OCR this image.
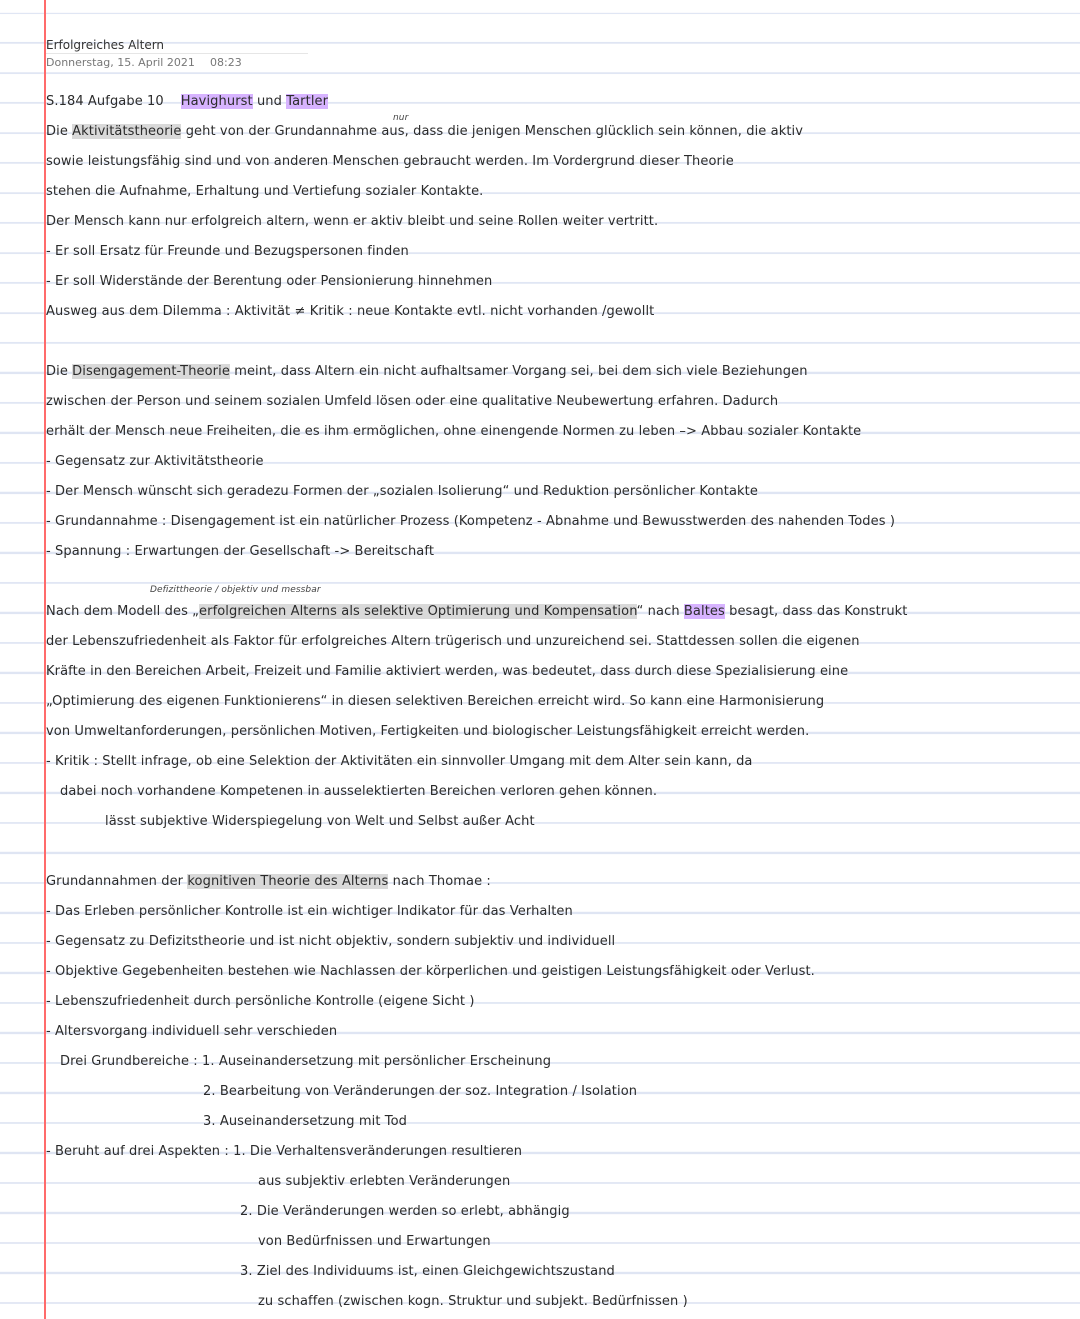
Erfolgreiches Altern
Donnerstag, 15. April 2021 08:23
S.184 Aufgabe 10 Havighurst und Tartler
nur
Die Aktivitätstheorie geht von der Grundannahme aus, dass die jenigen Menschen glücklich sein können, die aktiv
sowie leistungsfähig sind und von anderen Menschen gebraucht werden. Im Vordergrund dieser Theorie
stehen die Aufnahme, Erhaltung und Vertiefung sozialer Kontakte.
Der Mensch kann nur erfolgreich altern, wenn er aktiv bleibt und seine Rollen weiter vertritt.
- Er soll Ersatz für Freunde und Bezugspersonen finden
- Er soll Widerstände der Berentung oder Pensionierung hinnehmen
Ausweg aus dem Dilemma : Aktivität ≠ Kritik : neue Kontakte evtl. nicht vorhanden /gewollt
Die Disengagement-Theorie meint, dass Altern ein nicht aufhaltsamer Vorgang sei, bei dem sich viele Beziehungen
zwischen der Person und seinem sozialen Umfeld lösen oder eine qualitative Neubewertung erfahren. Dadurch
erhält der Mensch neue Freiheiten, die es ihm ermöglichen, ohne einengende Normen zu leben –> Abbau sozialer Kontakte
- Gegensatz zur Aktivitätstheorie
- Der Mensch wünscht sich geradezu Formen der „sozialen Isolierung“ und Reduktion persönlicher Kontakte
- Grundannahme : Disengagement ist ein natürlicher Prozess (Kompetenz - Abnahme und Bewusstwerden des nahenden Todes )
- Spannung : Erwartungen der Gesellschaft -> Bereitschaft
Defizittheorie / objektiv und messbar
Nach dem Modell des „erfolgreichen Alterns als selektive Optimierung und Kompensation“ nach Baltes besagt, dass das Konstrukt
der Lebenszufriedenheit als Faktor für erfolgreiches Altern trügerisch und unzureichend sei. Stattdessen sollen die eigenen
Kräfte in den Bereichen Arbeit, Freizeit und Familie aktiviert werden, was bedeutet, dass durch diese Spezialisierung eine
„Optimierung des eigenen Funktionierens“ in diesen selektiven Bereichen erreicht wird. So kann eine Harmonisierung
von Umweltanforderungen, persönlichen Motiven, Fertigkeiten und biologischer Leistungsfähigkeit erreicht werden.
- Kritik : Stellt infrage, ob eine Selektion der Aktivitäten ein sinnvoller Umgang mit dem Alter sein kann, da
dabei noch vorhandene Kompetenen in ausselektierten Bereichen verloren gehen können.
lässt subjektive Widerspiegelung von Welt und Selbst außer Acht
Grundannahmen der kognitiven Theorie des Alterns nach Thomae :
- Das Erleben persönlicher Kontrolle ist ein wichtiger Indikator für das Verhalten
- Gegensatz zu Defizitstheorie und ist nicht objektiv, sondern subjektiv und individuell
- Objektive Gegebenheiten bestehen wie Nachlassen der körperlichen und geistigen Leistungsfähigkeit oder Verlust.
- Lebenszufriedenheit durch persönliche Kontrolle (eigene Sicht )
- Altersvorgang individuell sehr verschieden
Drei Grundbereiche : 1. Auseinandersetzung mit persönlicher Erscheinung
2. Bearbeitung von Veränderungen der soz. Integration / Isolation
3. Auseinandersetzung mit Tod
- Beruht auf drei Aspekten : 1. Die Verhaltensveränderungen resultieren
aus subjektiv erlebten Veränderungen
2. Die Veränderungen werden so erlebt, abhängig
von Bedürfnissen und Erwartungen
3. Ziel des Individuums ist, einen Gleichgewichtszustand
zu schaffen (zwischen kogn. Struktur und subjekt. Bedürfnissen )
